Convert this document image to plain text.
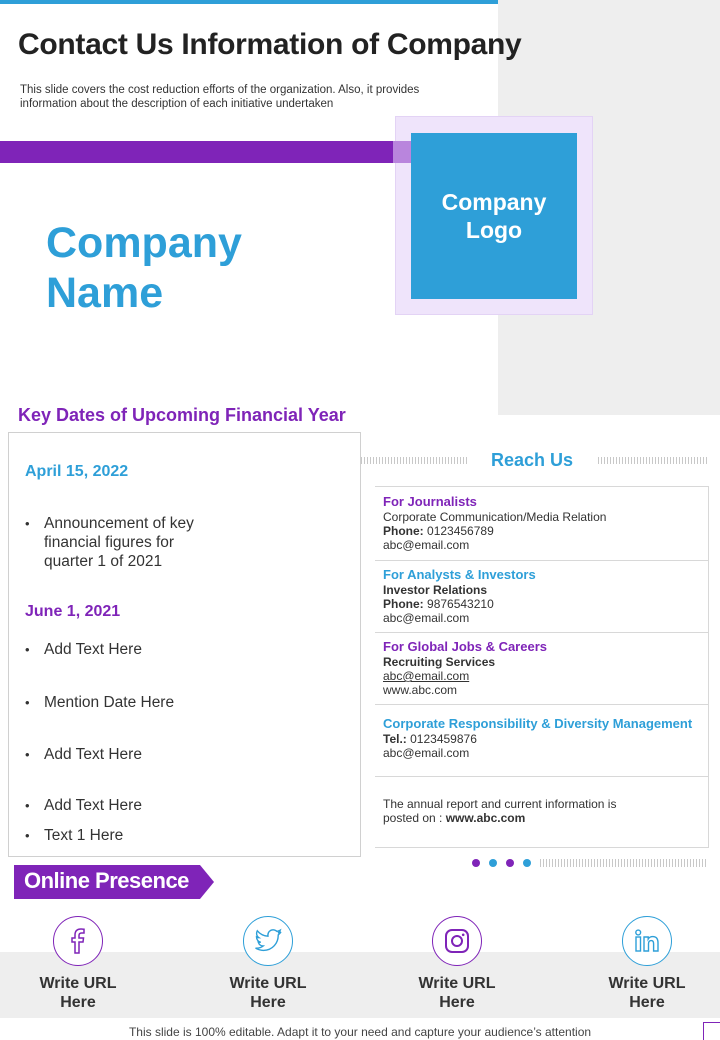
Contact Us Information of Company

This slide covers the cost reduction efforts of the organization. Also, it provides information about the description of each initiative undertaken

Company
Logo
Company
Name
Key Dates of Upcoming Financial Year
April 15, 2022
• Announcement of key
financial figures for
quarter 1 of 2021
June 1, 2021
• Add Text Here
• Mention Date Here
• Add Text Here
• Add Text Here
• Text 1 Here
Reach Us
For Journalists
Corporate Communication/Media Relation
Phone: 0123456789
abc@email.com
For Analysts & Investors
Investor Relations
Phone: 9876543210
abc@email.com
For Global Jobs & Careers
Recruiting Services
abc@email.com
www.abc.com
Corporate Responsibility & Diversity Management
Tel.: 0123459876
abc@email.com
The annual report and current information is
posted on : www.abc.com
Online Presence
Write URL
Here
Write URL
Here
Write URL
Here
Write URL
Here
This slide is 100% editable. Adapt it to your need and capture your audience’s attention
